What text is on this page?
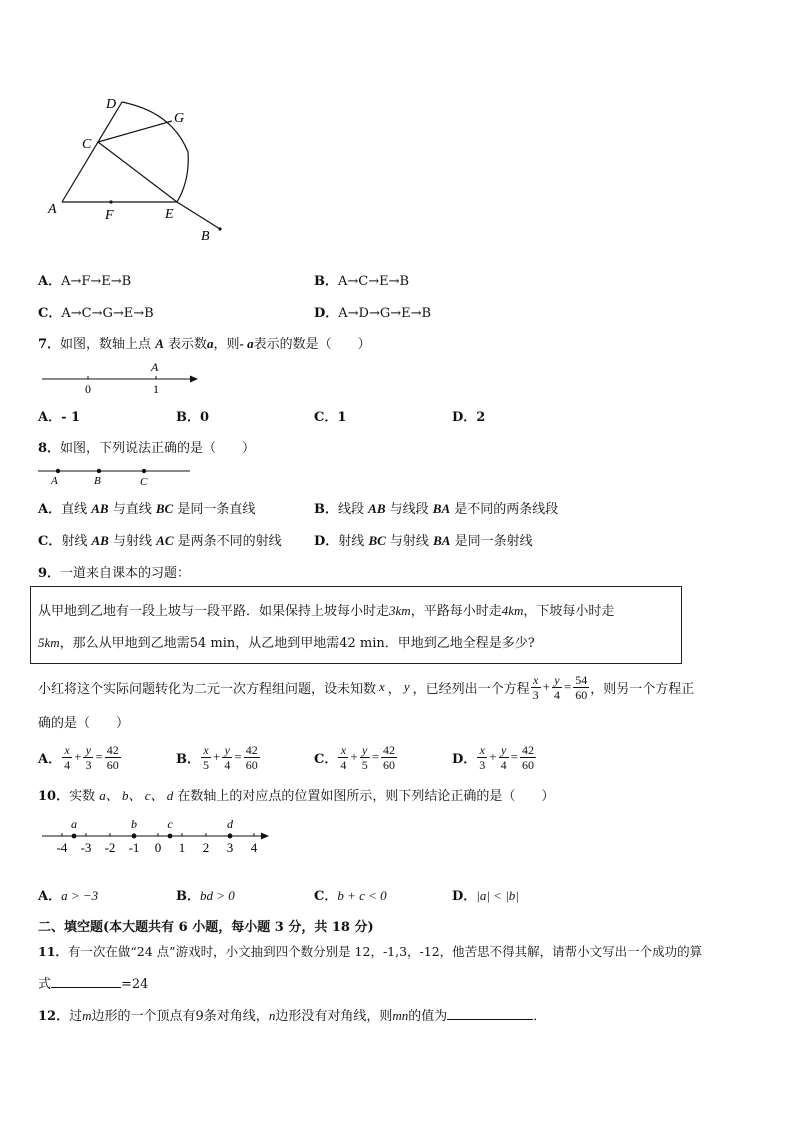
D
G
C
A	F	E
B
A．A→F→E→B	B．A→C→E→B
C．A→C→G→E→B	D．A→D→G→E→B
7．如图，数轴上点 A 表示数a，则- a表示的数是（　　）
A
0	1
A．- 1	B．0	C．1	D．2
8．如图，下列说法正确的是（　　）
A	B	C
A．直线 AB 与直线 BC 是同一条直线	B．线段 AB 与线段 BA 是不同的两条线段
C．射线 AB 与射线 AC 是两条不同的射线 D．射线 BC 与射线 BA 是同一条射线
9．一道来自课本的习题：
从甲地到乙地有一段上坡与一段平路．如果保持上坡每小时走3km，平路每小时走4km，下坡每小时走
5km，那么从甲地到乙地需54 min，从乙地到甲地需42 min．甲地到乙地全程是多少?
小红将这个实际问题转化为二元一次方程组问题，设未知数 x ， y ，已经列出一个方程 $\frac{x}{3} + \frac{y}{4} = \frac{54}{60}$ ，则另一个方程正
确的是（　　）
A． $\frac{x}{4} + \frac{y}{3} = \frac{42}{60}$	B． $\frac{x}{5} + \frac{y}{4} = \frac{42}{60}$	C． $\frac{x}{4} + \frac{y}{5} = \frac{42}{60}$	D． $\frac{x}{3} + \frac{y}{4} = \frac{42}{60}$
10．实数 a、 b、 c、 d 在数轴上的对应点的位置如图所示，则下列结论正确的是（　　）
-4 -3 -2 -1 0 1 2 3 4
a	b	c	d
A．a > −3	B．bd > 0	C．b + c < 0	D．|a| < |b|
二、填空题(本大题共有 6 小题，每小题 3 分，共 18 分)
11．有一次在做“24 点”游戏时，小文抽到四个数分别是 12，-1,3，-12，他苦思不得其解，请帮小文写出一个成功的算
式	=24
12．过m边形的一个顶点有9条对角线，n边形没有对角线，则mn的值为	．
